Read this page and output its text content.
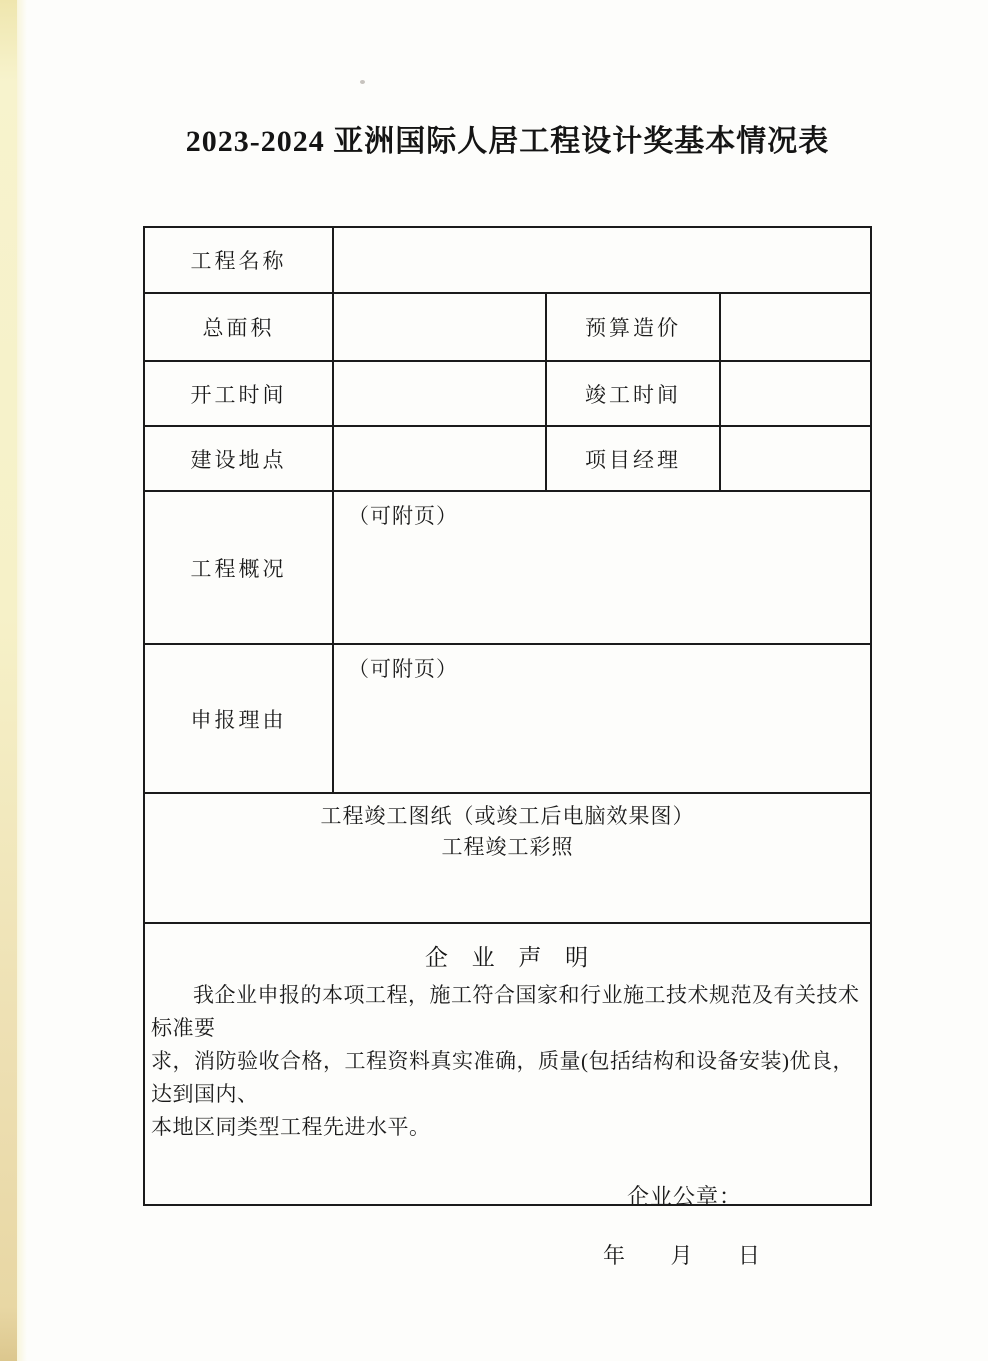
2023-2024 亚洲国际人居工程设计奖基本情况表
工程名称
总面积	预算造价
开工时间	竣工时间
建设地点	项目经理
工程概况
（可附页）
申报理由
（可附页）
工程竣工图纸（或竣工后电脑效果图）
工程竣工彩照
企 业 声 明
我企业申报的本项工程，施工符合国家和行业施工技术规范及有关技术标准要
求，消防验收合格，工程资料真实准确，质量(包括结构和设备安装)优良，达到国内、
本地区同类型工程先进水平。
企业公章：
年 月 日
